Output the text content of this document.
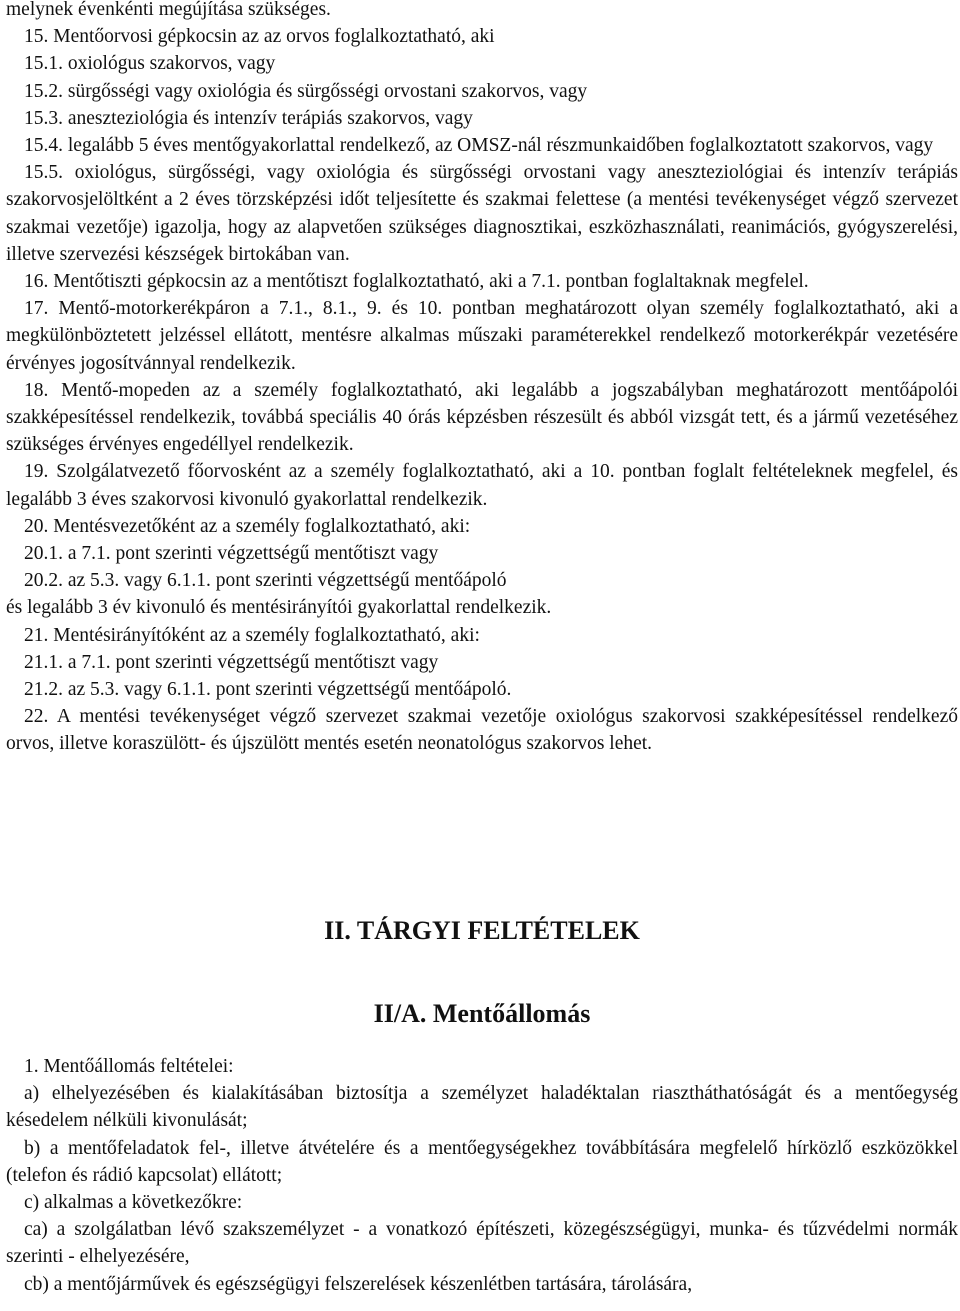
melynek évenkénti megújítása szükséges.

15. Mentőorvosi gépkocsin az az orvos foglalkoztatható, aki

15.1. oxiológus szakorvos, vagy

15.2. sürgősségi vagy oxiológia és sürgősségi orvostani szakorvos, vagy

15.3. aneszteziológia és intenzív terápiás szakorvos, vagy

15.4. legalább 5 éves mentőgyakorlattal rendelkező, az OMSZ-nál részmunkaidőben foglalkoztatott szakorvos, vagy

15.5. oxiológus, sürgősségi, vagy oxiológia és sürgősségi orvostani vagy aneszteziológiai és intenzív terápiás szakorvosjelöltként a 2 éves törzsképzési időt teljesítette és szakmai felettese (a mentési tevékenységet végző szervezet szakmai vezetője) igazolja, hogy az alapvetően szükséges diagnosztikai, eszközhasználati, reanimációs, gyógyszerelési, illetve szervezési készségek birtokában van.

16. Mentőtiszti gépkocsin az a mentőtiszt foglalkoztatható, aki a 7.1. pontban foglaltaknak megfelel.

17. Mentő-motorkerékpáron a 7.1., 8.1., 9. és 10. pontban meghatározott olyan személy foglalkoztatható, aki a megkülönböztetett jelzéssel ellátott, mentésre alkalmas műszaki paraméterekkel rendelkező motorkerékpár vezetésére érvényes jogosítvánnyal rendelkezik.

18. Mentő-mopeden az a személy foglalkoztatható, aki legalább a jogszabályban meghatározott mentőápolói szakképesítéssel rendelkezik, továbbá speciális 40 órás képzésben részesült és abból vizsgát tett, és a jármű vezetéséhez szükséges érvényes engedéllyel rendelkezik.

19. Szolgálatvezető főorvosként az a személy foglalkoztatható, aki a 10. pontban foglalt feltételeknek megfelel, és legalább 3 éves szakorvosi kivonuló gyakorlattal rendelkezik.

20. Mentésvezetőként az a személy foglalkoztatható, aki:

20.1. a 7.1. pont szerinti végzettségű mentőtiszt vagy

20.2. az 5.3. vagy 6.1.1. pont szerinti végzettségű mentőápoló

és legalább 3 év kivonuló és mentésirányítói gyakorlattal rendelkezik.

21. Mentésirányítóként az a személy foglalkoztatható, aki:

21.1. a 7.1. pont szerinti végzettségű mentőtiszt vagy

21.2. az 5.3. vagy 6.1.1. pont szerinti végzettségű mentőápoló.

22. A mentési tevékenységet végző szervezet szakmai vezetője oxiológus szakorvosi szakképesítéssel rendelkező orvos, illetve koraszülött- és újszülött mentés esetén neonatológus szakorvos lehet.

II. TÁRGYI FELTÉTELEK
II/A. Mentőállomás

1. Mentőállomás feltételei:

a) elhelyezésében és kialakításában biztosítja a személyzet haladéktalan riasztháthatóságát és a mentőegység késedelem nélküli kivonulását;

b) a mentőfeladatok fel-, illetve átvételére és a mentőegységekhez továbbítására megfelelő hírközlő eszközökkel (telefon és rádió kapcsolat) ellátott;

c) alkalmas a következőkre:

ca) a szolgálatban lévő szakszemélyzet - a vonatkozó építészeti, közegészségügyi, munka- és tűzvédelmi normák szerinti - elhelyezésére,

cb) a mentőjárművek és egészségügyi felszerelések készenlétben tartására, tárolására,
